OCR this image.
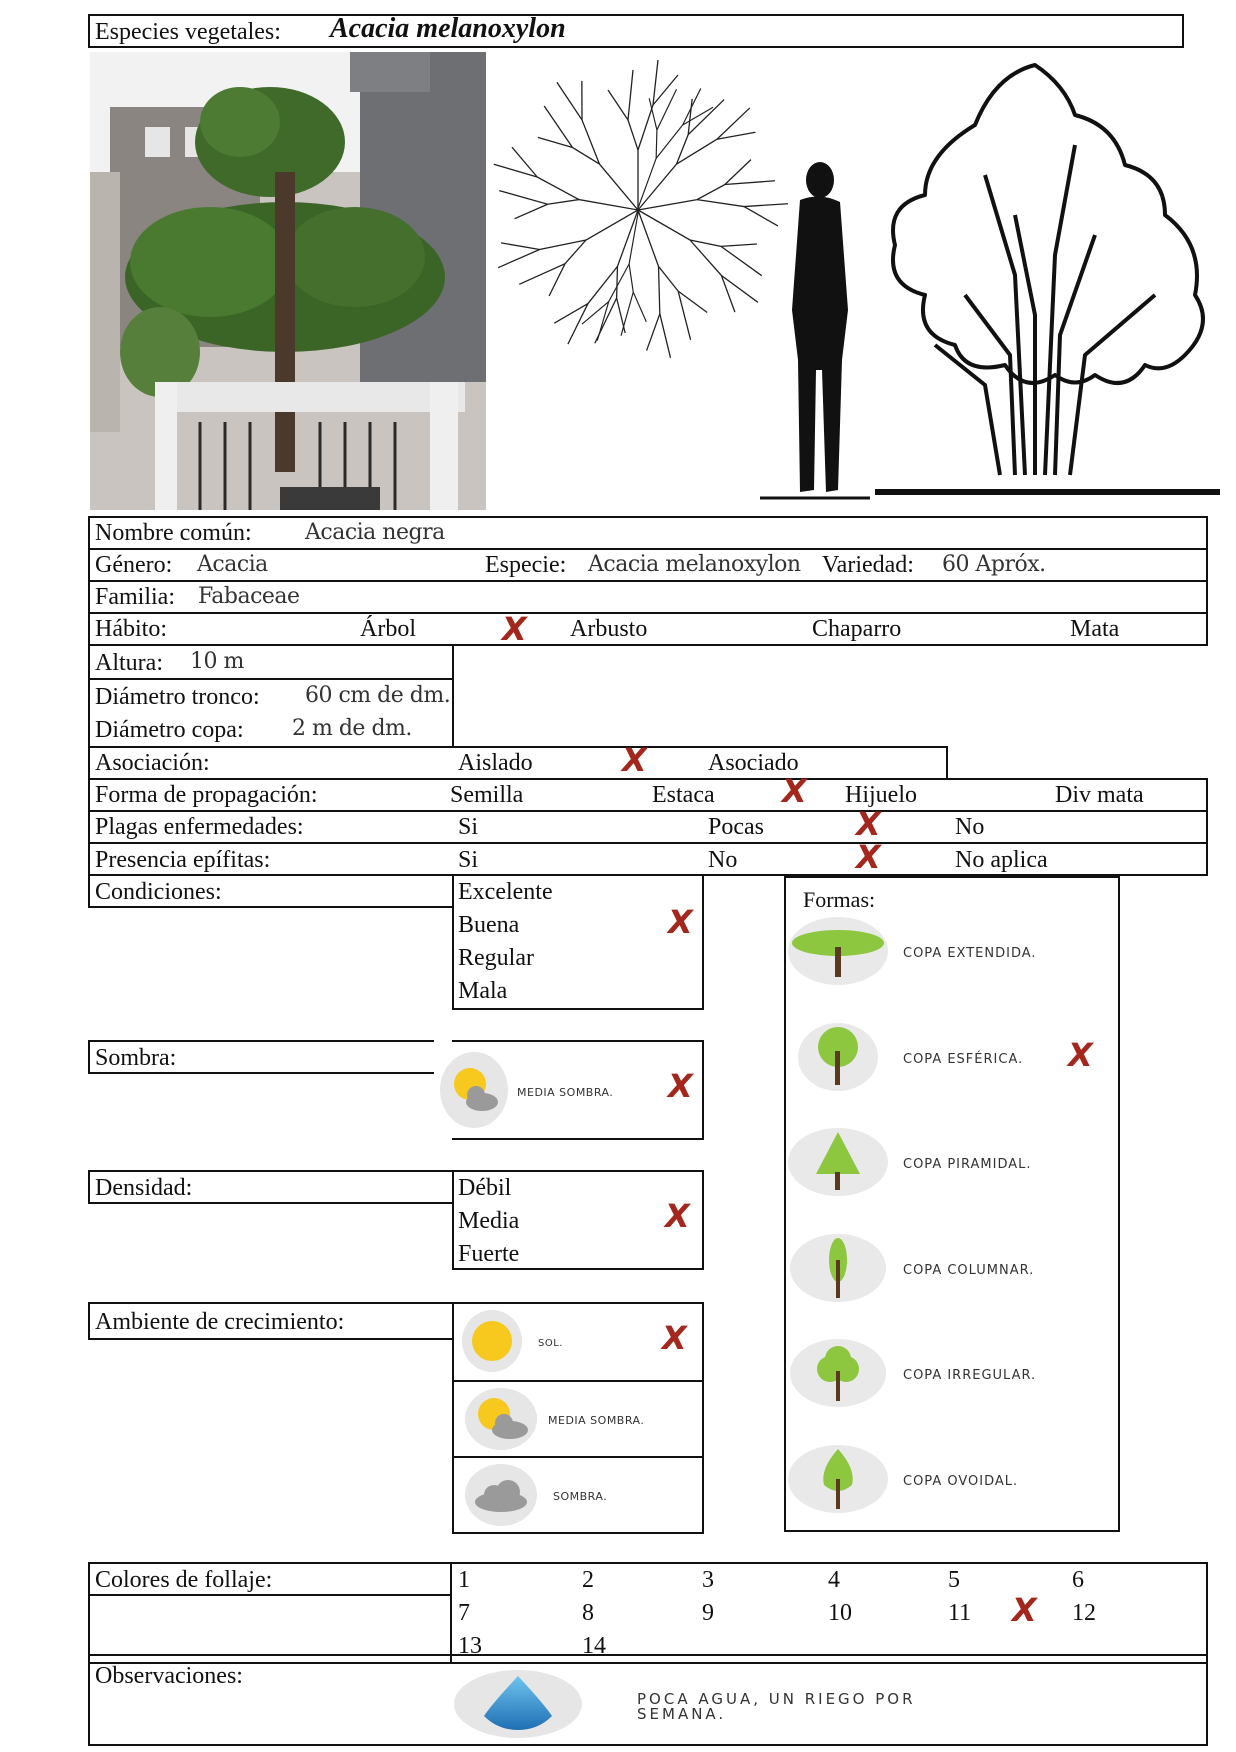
Especies vegetales: Acacia melanoxylon
Nombre común: Acacia negra
Género: Acacia	Especie: Acacia melanoxylon Variedad: 60 Apróx.
Familia: Fabaceae
Hábito:	Árbol	X Arbusto	Chaparro	Mata
Altura: 10 m
Diámetro tronco: 60 cm de dm.
Diámetro copa: 2 m de dm.
Asociación:	Aislado	X	Asociado
Forma de propagación:	Semilla	Estaca X Hijuelo	Div mata
Plagas enfermedades:	Si	Pocas	X	No
Presencia epífitas:	Si	No	X	No aplica
Condiciones:	Excelente
Buena	X
Regular
Mala
Formas:
COPA EXTENDIDA.
COPA ESFÉRICA. X
COPA PIRAMIDAL.
COPA COLUMNAR.
COPA IRREGULAR.
COPA OVOIDAL.
Sombra:
MEDIA SOMBRA. X
Densidad:	Débil
Media	X
Fuerte
Ambiente de crecimiento:
SOL.	X
MEDIA SOMBRA.
SOMBRA.
Colores de follaje:	1	2	3	4	5	6
7	8	9	10	11 X 12
13	14
Observaciones:
POCA AGUA, UN RIEGO POR
SEMANA.
